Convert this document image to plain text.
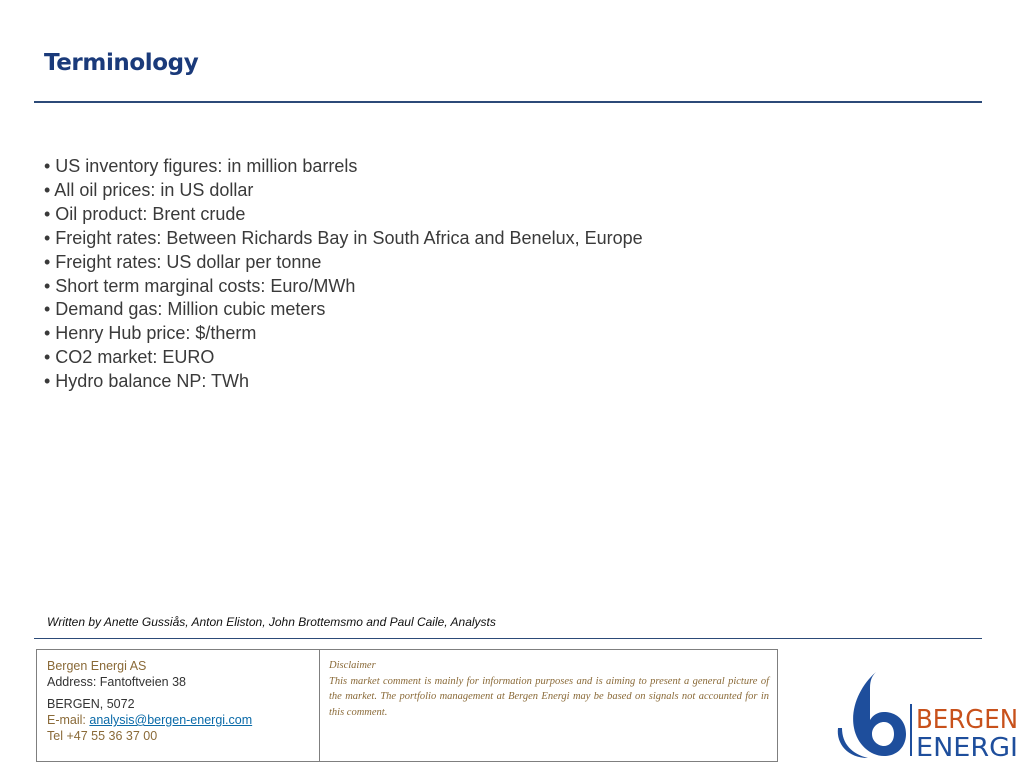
Terminology
• US inventory figures: in million barrels
• All oil prices: in US dollar
• Oil product: Brent crude
• Freight rates: Between Richards Bay in South Africa and Benelux, Europe
• Freight rates: US dollar per tonne
• Short term marginal costs: Euro/MWh
• Demand gas: Million cubic meters
• Henry Hub price: $/therm
• CO2 market: EURO
• Hydro balance NP: TWh
Written by Anette Gussiås, Anton Eliston, John Brottemsmo and Paul Caile, Analysts
Bergen Energi AS
Address: Fantoftveien 38
BERGEN, 5072
E-mail: analysis@bergen-energi.com
Tel +47 55 36 37 00
Disclaimer
This market comment is mainly for information purposes and is aiming to present a general picture of the market. The portfolio management at Bergen Energi may be based on signals not accounted for in this comment.	BERGEN
ENERGI
